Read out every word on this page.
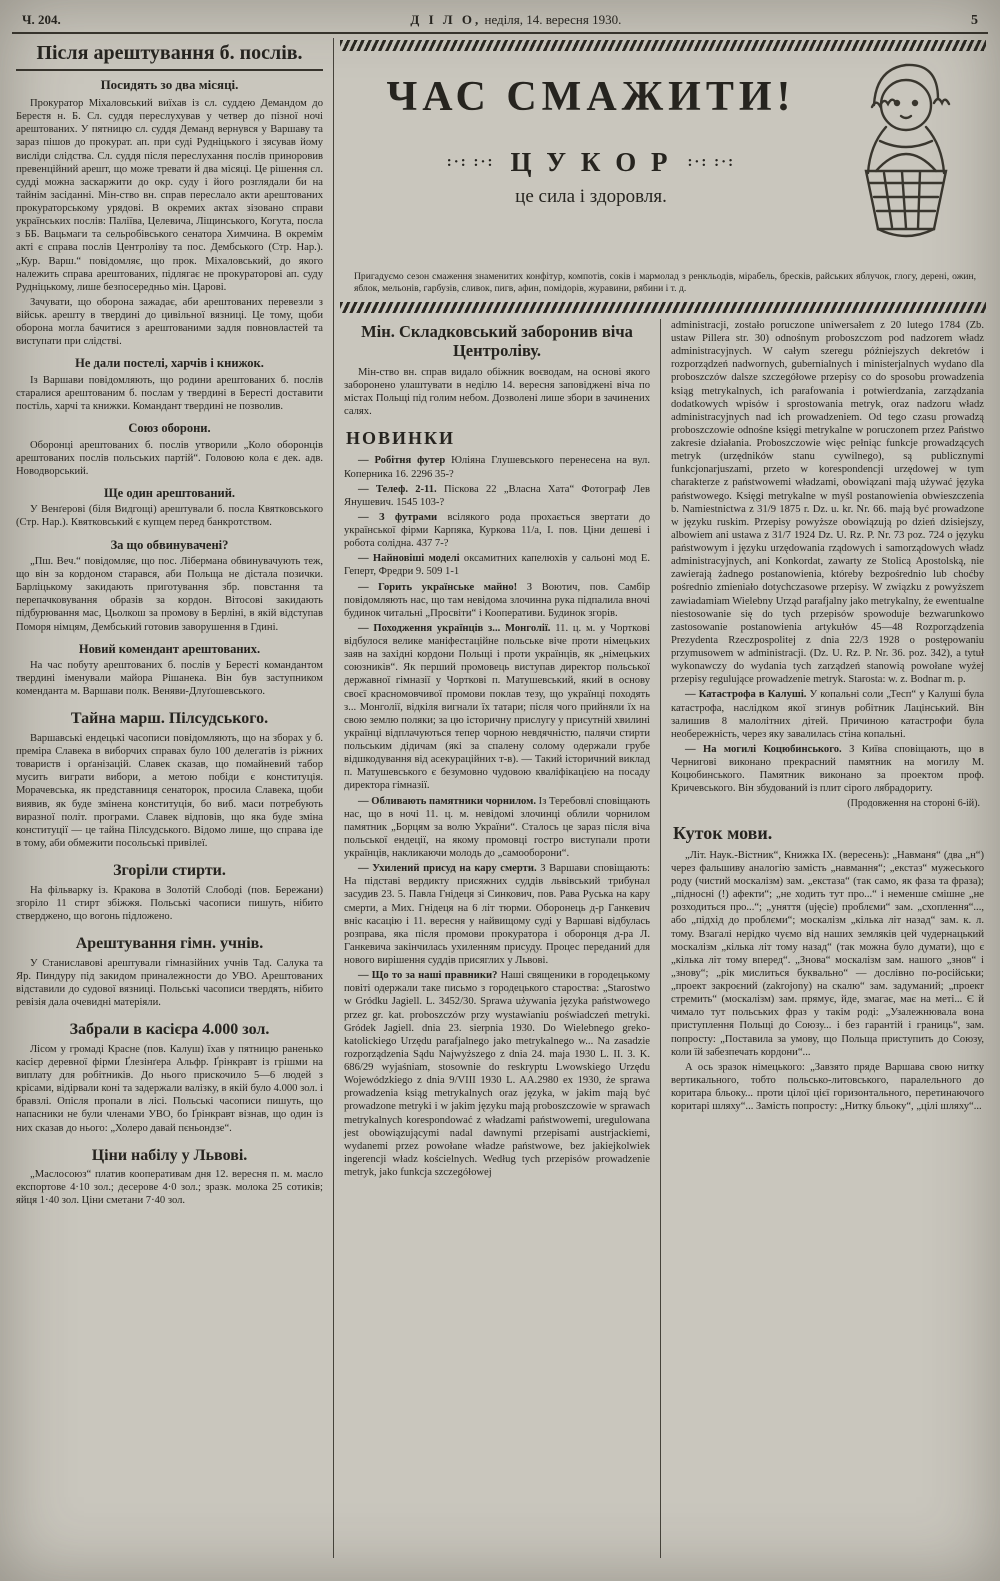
Ч. 204.	Д І Л О, неділя, 14. вересня 1930.	5
Після арештування б. послів.
Посидять зо два місяці.

Прокуратор Міхаловський виїхав із сл. суддею Демандом до Берестя н. Б. Сл. суддя переслухував у четвер до пізної ночі арештованих. У пятницю сл. суддя Деманд вернувся у Варшаву та зараз пішов до прокурат. ап. при суді Рудніцького і зясував йому висліди слідства. Сл. суддя після переслухання послів приноровив превенційний арешт, що може тревати й два місяці. Це рішення сл. судді можна заскаржити до окр. суду і його розглядали би на тайнім засіданні. Мін-ство вн. справ переслало акти арештованих прокураторському урядові. В окремих актах зізовано справи українських послів: Паліїва, Целевича, Ліщинського, Когута, посла з ББ. Вацьмаги та сельробівського сенатора Химчина. В окремім акті є справа послів Центроліву та пос. Дембського (Стр. Нар.). „Кур. Варш.“ повідомляє, що прок. Міхаловський, до якого належить справа арештованих, підлягає не прокураторові ап. суду Рудніцькому, лише безпосередньо мін. Царові.

Зачувати, що оборона зажадає, аби арештованих перевезли з військ. арешту в твердині до цивільної вязниці. Це тому, щоби оборона могла бачитися з арештованими задля повновластей та виступати при слідстві.

Не дали постелі, харчів і книжок.

Із Варшави повідомляють, що родини арештованих б. послів старалися арештованим б. послам у твердині в Бересті доставити постіль, харчі та книжки. Командант твердині не позволив.

Союз оборони.

Оборонці арештованих б. послів утворили „Коло оборонців арештованих послів польських партій“. Головою кола є дек. адв. Новодворський.

Ще один арештований.

У Венґерові (біля Видгощі) арештували б. посла Квятковського (Стр. Нар.). Квятковський є купцем перед банкротством.

За що обвинувачені?

„Пш. Веч.“ повідомляє, що пос. Лібермана обвинувачують теж, що він за кордоном старався, аби Польща не дістала позички. Барліцькому закидають приготування збр. повстання та перепачковування образів за кордон. Вітосові закидають підбурювання мас, Цьолкош за промову в Берліні, в якій відступав Поморя німцям, Дембський готовив заворушення в Гдині.

Новий комендант арештованих.

На час побуту арештованих б. послів у Бересті командантом твердині іменували майора Рішанека. Він був заступником коменданта м. Варшави полк. Веняви-Длуґошевського.

Тайна марш. Пілсудського.

Варшавські ендецькі часописи повідомляють, що на зборах у б. преміра Славека в виборчих справах було 100 делегатів із ріжних товариств і орґанізацій. Славек сказав, що помайневий табор мусить виграти вибори, а метою побіди є конституція. Морачевська, як представниця сенаторок, просила Славека, щоби виявив, як буде змінена конституція, бо виб. маси потребують виразної політ. програми. Славек відповів, що яка буде зміна конституції — це тайна Пілсудського. Відомо лише, що справа іде в тому, аби обмежити посольські привілеї.

Згоріли стирти.

На фільварку із. Кракова в Золотій Слободі (пов. Бережани) згоріло 11 стирт збіжжя. Польські часописи пишуть, нібито стверджено, що вогонь підложено.

Арештування гімн. учнів.

У Станиславові арештували гімназійних учнів Тад. Салука та Яр. Пиндуру під закидом приналежности до УВО. Арештованих відставили до судової вязниці. Польські часописи твердять, нібито ревізія дала очевидні матеріяли.

Забрали в касієра 4.000 зол.

Лісом у громаді Красне (пов. Калуш) їхав у пятницю раненько касієр деревної фірми Ґлезінґера Альфр. Ґрінкравт із грішми на виплату для робітників. До нього прискочило 5—6 людей з крісами, відірвали коні та задержали валізку, в якій було 4.000 зол. і бравзлі. Опісля пропали в лісі. Польські часописи пишуть, що напасники не були членами УВО, бо Ґрінкравт візнав, що один із них сказав до нього: „Холеро давай пєньондзе“.

Ціни набілу у Львові.

„Маслосоюз“ платив кооперативам дня 12. вересня п. м. масло експортове 4·10 зол.; десерове 4·0 зол.; зразк. молока 25 сотиків; яйця 1·40 зол. Ціни сметани 7·40 зол.

ЧАС СМАЖИТИ!
:·: :·: Ц У К О Р :·: :·:
це сила і здоровля.

Пригадуємо сезон смаження знаменитих конфітур, компотів, соків і мармолад з ренкльодів, мірабель, бресків, райських яблучок, глогу, дерені, ожин, яблок, мельонів, гарбузів, сливок, пигв, афин, помідорів, журавини, рябини і т. д.

Мін. Складковський заборонив віча Центроліву.

Мін-ство вн. справ видало обіжник воєводам, на основі якого заборонено улаштувати в неділю 14. вересня заповіджені віча по містах Польщі під голим небом. Дозволені лише збори в зачинених салях.

НОВИНКИ

— Робітня футер Юліяна Глушевського перенесена на вул. Коперника 16. 2296 35-?

— Телеф. 2-11. Піскова 22 „Власна Хата“ Фотограф Лев Янушевич. 1545 103-?

— З футрами всілякого рода прохається звертати до української фірми Карпяка, Куркова 11/а, І. пов. Ціни дешеві і робота солідна. 437 7-?

— Найновіші моделі оксамитних капелюхів у сальоні мод Е. Геперт, Фредри 9. 509 1-1

— Горить українське майно! З Воютич, пов. Самбір повідомляють нас, що там невідома злочинна рука підпалила вночі будинок читальні „Просвіти“ і Кооперативи. Будинок згорів.

— Походження українців з... Монголії. 11. ц. м. у Чорткові відбулося велике маніфестаційне польське віче проти німецьких заяв на західні кордони Польщі і проти українців, як „німецьких союзників“. Як перший промовець виступав директор польської державної гімназії у Чорткові п. Матушевський, який в основу своєї красномовчивої промови поклав тезу, що українці походять з... Монголії, відкіля вигнали їх татари; після чого прийняли їх на свою землю поляки; за цю історичну прислугу у присутній хвилині українці відплачуються тепер чорною невдячністю, палячи стирти польським дідичам (які за спалену солому одержали грубе відшкодування від асекураційних т-в). — Такий історичний виклад п. Матушевського є безумовно чудовою кваліфікацією на посаду директора гімназії.

— Обливають памятники чорнилом. Із Теребовлі сповіщають нас, що в ночі 11. ц. м. невідомі злочинці облили чорнилом памятник „Борцям за волю України“. Сталось це зараз після віча польської ендеції, на якому промовці гостро виступали проти українців, накликаючи молодь до „самооборони“.

— Ухилений присуд на кару смерти. З Варшави сповіщають: На підставі вердикту присяжних суддів львівський трибунал засудив 23. 5. Павла Гнідеця зі Синкович, пов. Рава Руська на кару смерти, а Мих. Гнідеця на 6 літ тюрми. Оборонець д-р Ганкевич вніс касацію і 11. вересня у найвищому суді у Варшаві відбулась розправа, яка після промови прокуратора і оборонця д-ра Л. Ганкевича закінчилась ухиленням присуду. Процес переданий для нового вирішення суддів присяглих у Львові.

— Що то за наші правники? Наші священики в городецькому повіті одержали таке письмо з городецького староства: „Starostwo w Gródku Jagiell. L. 3452/30. Sprawa używania języka państwowego przez gr. kat. proboszczów przy wystawianiu poświadczeń metryki. Gródek Jagiell. dnia 23. sierpnia 1930. Do Wielebnego greko-katolickiego Urzędu parafjalnego jako metrykalnego w... Na zasadzie rozporządzenia Sądu Najwyższego z dnia 24. maja 1930 L. II. 3. K. 686/29 wyjaśniam, stosownie do reskryptu Lwowskiego Urzędu Wojewódzkiego z dnia 9/VIII 1930 L. AA.2980 ex 1930, że sprawa prowadzenia ksiąg metrykalnych oraz języka, w jakim mają być prowadzone metryki i w jakim języku mają proboszczowie w sprawach metrykalnych korespondować z władzami państwowemi, uregulowana jest obowiązującymi nadal dawnymi przepisami austrjackiemi, wydanemi przez powołane władze państwowe, bez jakiejkolwiek ingerencji władz kościelnych. Według tych przepisów prowadzenie metryk, jako funkcja szczegółowej

administracji, zostało poruczone uniwersałem z 20 lutego 1784 (Zb. ustaw Pillera str. 30) odnośnym proboszczom pod nadzorem władz administracyjnych. W całym szeregu późniejszych dekretów i rozporządzeń nadwornych, gubernialnych i ministerjalnych wydano dla proboszczów dalsze szczegółowe przepisy co do sposobu prowadzenia ksiąg metrykalnych, ich parafowania i potwierdzania, zarządzania dodatkowych wpisów i sprostowania metryk, oraz nadzoru władz administracyjnych nad ich prowadzeniem. Od tego czasu prowadzą proboszczowie odnośne księgi metrykalne w poruczonem przez Państwo zakresie działania. Proboszczowie więc pełniąc funkcje prowadzących metryk (urzędników stanu cywilnego), są publicznymi funkcjonarjuszami, przeto w korespondencji urzędowej w tym charakterze z państwowemi władzami, obowiązani mają używać języka państwowego. Księgi metrykalne w myśl postanowienia obwieszczenia b. Namiestnictwa z 31/9 1875 r. Dz. u. kr. Nr. 66. mają być prowadzone w języku ruskim. Przepisy powyższe obowiązują po dzień dzisiejszy, albowiem ani ustawa z 31/7 1924 Dz. U. Rz. P. Nr. 73 poz. 724 o języku państwowym i języku urzędowania rządowych i samorządowych władz administracyjnych, ani Konkordat, zawarty ze Stolicą Apostolską, nie zawierają żadnego postanowienia, któreby bezpośrednio lub choćby pośrednio zmieniało dotychczasowe przepisy. W związku z powyższem zawiadamiam Wielebny Urząd parafjalny jako metrykalny, że ewentualne niestosowanie się do tych przepisów spowoduje bezwarunkowo zastosowanie postanowienia artykułów 45—48 Rozporządzenia Prezydenta Rzeczpospolitej z dnia 22/3 1928 o postępowaniu przymusowem w administracji. (Dz. U. Rz. P. Nr. 36. poz. 342), a tytuł wykonawczy do wydania tych zarządzeń stanowią powołane wyżej przepisy regulujące prowadzenie metryk. Starosta: w. z. Bodnar m. p.

— Катастрофа в Калуші. У копальні соли „Тесп“ у Калуші була катастрофа, наслідком якої згинув робітник Лацінський. Він залишив 8 малолітних дітей. Причиною катастрофи була необережність, через яку завалилась стіна копальні.

— На могилі Коцюбинського. З Київа сповіщають, що в Чернигові виконано прекрасний памятник на могилу М. Коцюбинського. Памятник виконано за проектом проф. Кричевського. Він збудований із плит сірого лябрадориту.

(Продовження на стороні 6-ій).

Куток мови.

„Літ. Наук.-Вістник“, Книжка IX. (вересень): „Навманя“ (два „н“) через фальшиву аналогію замість „навмання“; „екстаз“ мужеського роду (чистий москалізм) зам. „екстаза“ (так само, як фаза та фраза); „підносні (!) афекти“; „не ходить тут про...“ і неменше смішне „не розходиться про...“; „уняття (ujęcie) проблєми“ зам. „схоплення“..., або „підхід до проблєми“; москалізм „кілька літ назад“ зам. к. л. тому. Взагалі нерідко чуємо від наших земляків цей чудернацький москалізм „кілька літ тому назад“ (так можна було думати), що є „кілька літ тому вперед“. „Знова“ москалізм зам. нашого „знов“ і „знову“; „рік мислиться буквально“ — дослівно по-російськи; „проект закроєний (zakrojony) на скалю“ зам. задуманий; „проект стремить“ (москалізм) зам. прямує, йде, змагає, має на меті... Є й чимало тут польських фраз у такім роді: „Узалежнювала вона приступлення Польщі до Союзу... і без гарантій і границь“, зам. попросту: „Поставила за умову, що Польща приступить до Союзу, коли їй забезпечать кордони“...

А ось зразок німецького: „Завзято пряде Варшава свою нитку вертикального, тобто польсько-литовського, паралельного до коритара бльоку... проти цілої цієї горизонтального, перетинаючого коритарі шляху“... Замість попросту: „Нитку бльоку“, „цілі шляху“...
